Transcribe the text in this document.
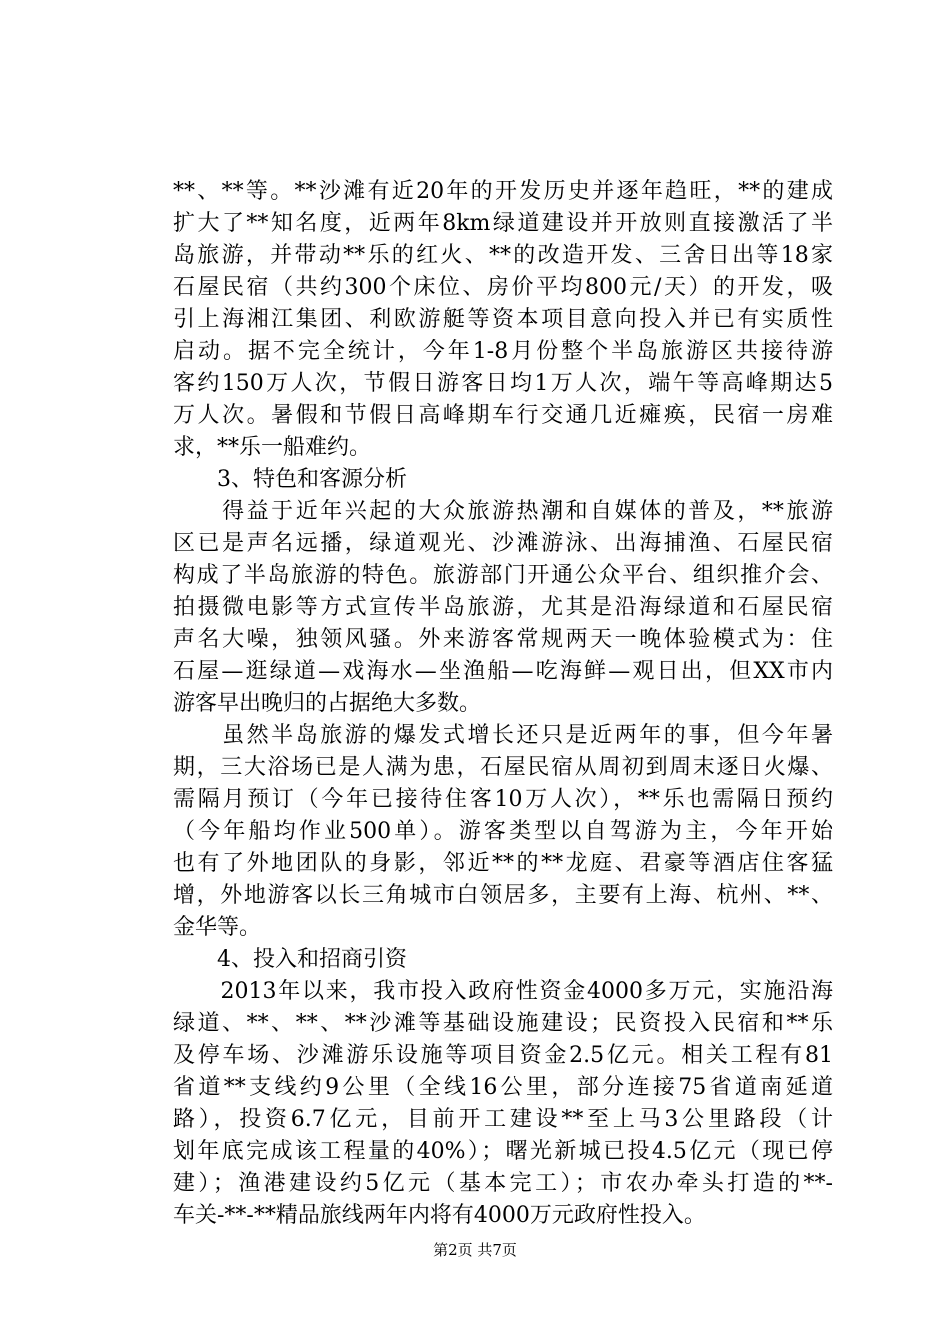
**、**等。**沙滩有近20年的开发历史并逐年趋旺，**的建成
扩大了**知名度，近两年8km绿道建设并开放则直接激活了半
岛旅游，并带动**乐的红火、**的改造开发、三舍日出等18家
石屋民宿（共约300个床位、房价平均800元/天）的开发，吸
引上海湘江集团、利欧游艇等资本项目意向投入并已有实质性
启动。据不完全统计，今年1-8月份整个半岛旅游区共接待游
客约150万人次，节假日游客日均1万人次，端午等高峰期达5
万人次。暑假和节假日高峰期车行交通几近瘫痪，民宿一房难
求，**乐一船难约。
　　3、特色和客源分析
　　得益于近年兴起的大众旅游热潮和自媒体的普及，**旅游
区已是声名远播，绿道观光、沙滩游泳、出海捕渔、石屋民宿
构成了半岛旅游的特色。旅游部门开通公众平台、组织推介会、
拍摄微电影等方式宣传半岛旅游，尤其是沿海绿道和石屋民宿
声名大噪，独领风骚。外来游客常规两天一晚体验模式为：住
石屋—逛绿道—戏海水—坐渔船—吃海鲜—观日出，但XX市内
游客早出晚归的占据绝大多数。
　　虽然半岛旅游的爆发式增长还只是近两年的事，但今年暑
期，三大浴场已是人满为患，石屋民宿从周初到周末逐日火爆、
需隔月预订（今年已接待住客10万人次），**乐也需隔日预约
（今年船均作业500单）。游客类型以自驾游为主，今年开始
也有了外地团队的身影，邻近**的**龙庭、君豪等酒店住客猛
增，外地游客以长三角城市白领居多，主要有上海、杭州、**、
金华等。
　　4、投入和招商引资
　　2013年以来，我市投入政府性资金4000多万元，实施沿海
绿道、**、**、**沙滩等基础设施建设；民资投入民宿和**乐
及停车场、沙滩游乐设施等项目资金2.5亿元。相关工程有81
省道**支线约9公里（全线16公里，部分连接75省道南延道
路），投资6.7亿元，目前开工建设**至上马3公里路段（计
划年底完成该工程量的40%）；曙光新城已投4.5亿元（现已停
建）；渔港建设约5亿元（基本完工）；市农办牵头打造的**-
车关-**-**精品旅线两年内将有4000万元政府性投入。
第2页 共7页
